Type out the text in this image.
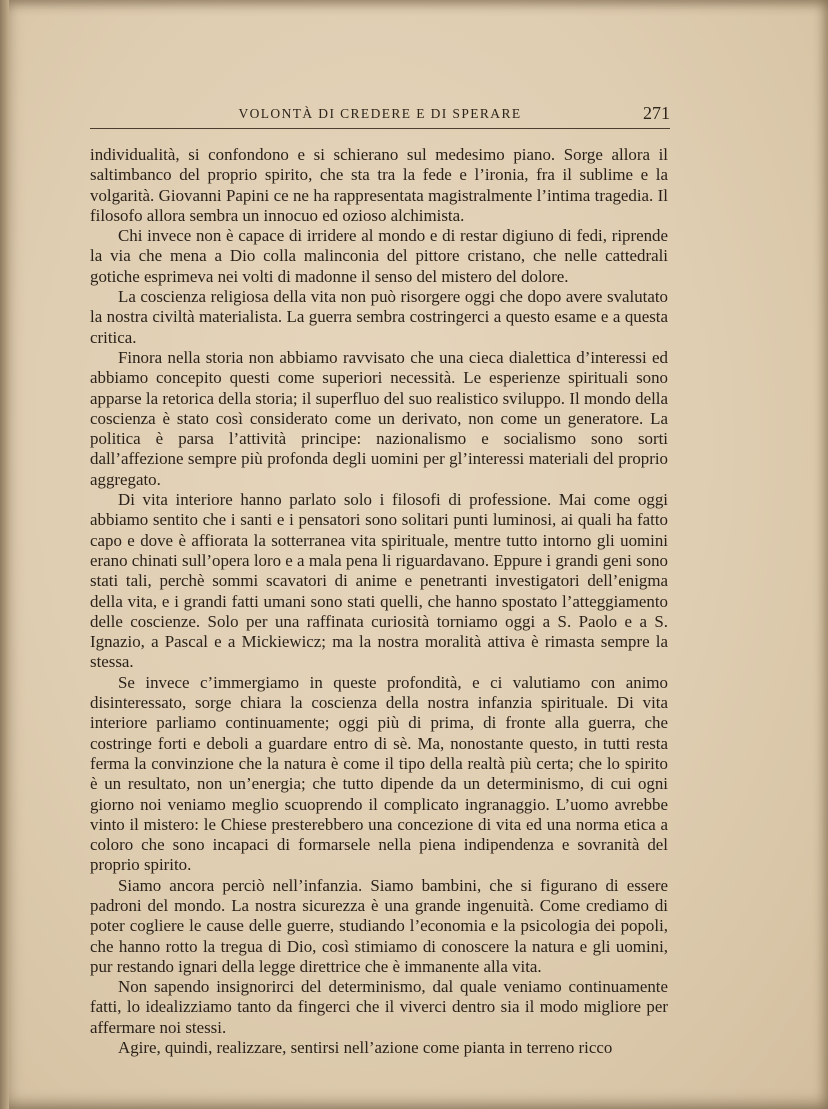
VOLONTÀ DI CREDERE E DI SPERARE	271

individualità, si confondono e si schierano sul medesimo piano. Sorge allora il saltimbanco del proprio spirito, che sta tra la fede e l’ironia, fra il sublime e la volgarità. Giovanni Papini ce ne ha rappresentata magistralmente l’intima tragedia. Il filosofo allora sembra un innocuo ed ozioso alchimista.

Chi invece non è capace di irridere al mondo e di restar digiuno di fedi, riprende la via che mena a Dio colla malinconia del pittore cristano, che nelle cattedrali gotiche esprimeva nei volti di madonne il senso del mistero del dolore.

La coscienza religiosa della vita non può risorgere oggi che dopo avere svalutato la nostra civiltà materialista. La guerra sembra costringerci a questo esame e a questa critica.

Finora nella storia non abbiamo ravvisato che una cieca dialettica d’interessi ed abbiamo concepito questi come superiori necessità. Le esperienze spirituali sono apparse la retorica della storia; il superfluo del suo realistico sviluppo. Il mondo della coscienza è stato così considerato come un derivato, non come un generatore. La politica è parsa l’attività principe: nazionalismo e socialismo sono sorti dall’affezione sempre più profonda degli uomini per gl’interessi materiali del proprio aggregato.

Di vita interiore hanno parlato solo i filosofi di professione. Mai come oggi abbiamo sentito che i santi e i pensatori sono solitari punti luminosi, ai quali ha fatto capo e dove è affiorata la sotterranea vita spirituale, mentre tutto intorno gli uomini erano chinati sull’opera loro e a mala pena li riguardavano. Eppure i grandi geni sono stati tali, perchè sommi scavatori di anime e penetranti investigatori dell’enigma della vita, e i grandi fatti umani sono stati quelli, che hanno spostato l’atteggiamento delle coscienze. Solo per una raffinata curiosità torniamo oggi a S. Paolo e a S. Ignazio, a Pascal e a Mickiewicz; ma la nostra moralità attiva è rimasta sempre la stessa.

Se invece c’immergiamo in queste profondità, e ci valutiamo con animo disinteressato, sorge chiara la coscienza della nostra infanzia spirituale. Di vita interiore parliamo continuamente; oggi più di prima, di fronte alla guerra, che costringe forti e deboli a guardare entro di sè. Ma, nonostante questo, in tutti resta ferma la convinzione che la natura è come il tipo della realtà più certa; che lo spirito è un resultato, non un’energia; che tutto dipende da un determinismo, di cui ogni giorno noi veniamo meglio scuoprendo il complicato ingranaggio. L’uomo avrebbe vinto il mistero: le Chiese presterebbero una concezione di vita ed una norma etica a coloro che sono incapaci di formarsele nella piena indipendenza e sovranità del proprio spirito.

Siamo ancora perciò nell’infanzia. Siamo bambini, che si figurano di essere padroni del mondo. La nostra sicurezza è una grande ingenuità. Come crediamo di poter cogliere le cause delle guerre, studiando l’economia e la psicologia dei popoli, che hanno rotto la tregua di Dio, così stimiamo di conoscere la natura e gli uomini, pur restando ignari della legge direttrice che è immanente alla vita.

Non sapendo insignorirci del determinismo, dal quale veniamo continuamente fatti, lo idealizziamo tanto da fingerci che il viverci dentro sia il modo migliore per affermare noi stessi.

Agire, quindi, realizzare, sentirsi nell’azione come pianta in terreno ricco
